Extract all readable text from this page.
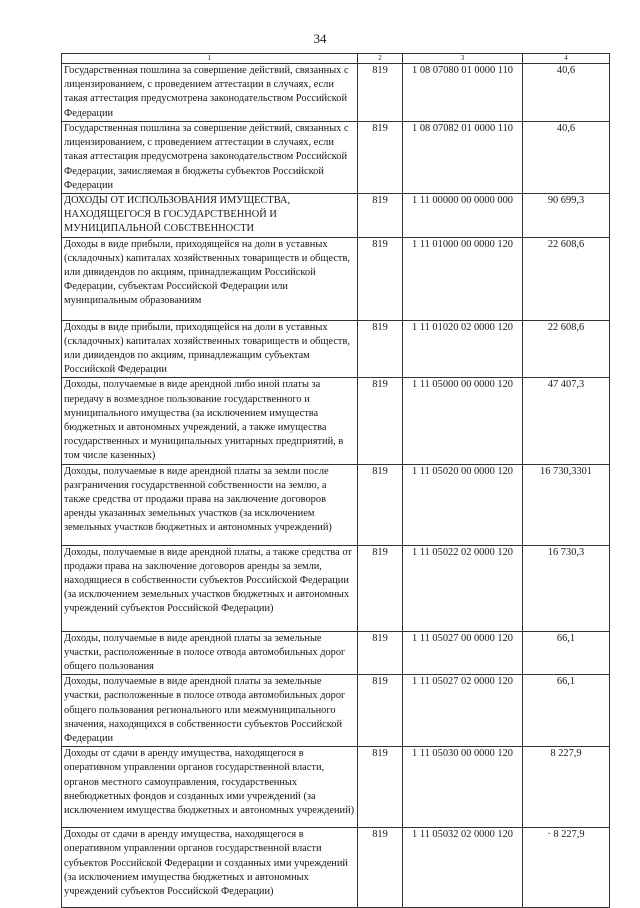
34
1	2	3	4
Государственная пошлина за совершение действий, связанных с лицензированием, с проведением аттестации в случаях, если такая аттестация предусмотрена законодательством Российской Федерации	819	1 08 07080 01 0000 110	40,6
Государственная пошлина за совершение действий, связанных с лицензированием, с проведением аттестации в случаях, если такая аттестация предусмотрена законодательством Российской Федерации, зачисляемая в бюджеты субъектов Российской Федерации	819	1 08 07082 01 0000 110	40,6
ДОХОДЫ ОТ ИСПОЛЬЗОВАНИЯ ИМУЩЕСТВА, НАХОДЯЩЕГОСЯ В ГОСУДАРСТВЕННОЙ И МУНИЦИПАЛЬНОЙ СОБСТВЕННОСТИ	819	1 11 00000 00 0000 000	90 699,3
Доходы в виде прибыли, приходящейся на доли в уставных (складочных) капиталах хозяйственных товариществ и обществ, или дивидендов по акциям, принадлежащим Российской Федерации, субъектам Российской Федерации или муниципальным образованиям	819	1 11 01000 00 0000 120	22 608,6
Доходы в виде прибыли, приходящейся на доли в уставных (складочных) капиталах хозяйственных товариществ и обществ, или дивидендов по акциям, принадлежащим субъектам Российской Федерации	819	1 11 01020 02 0000 120	22 608,6
Доходы, получаемые в виде арендной либо иной платы за передачу в возмездное пользование государственного и муниципального имущества (за исключением имущества бюджетных и автономных учреждений, а также имущества государственных и муниципальных унитарных предприятий, в том числе казенных)	819	1 11 05000 00 0000 120	47 407,3
Доходы, получаемые в виде арендной платы за земли после разграничения государственной собственности на землю, а также средства от продажи права на заключение договоров аренды указанных земельных участков (за исключением земельных участков бюджетных и автономных учреждений)	819	1 11 05020 00 0000 120	16 730,3301
Доходы, получаемые в виде арендной платы, а также средства от продажи права на заключение договоров аренды за земли, находящиеся в собственности субъектов Российской Федерации (за исключением земельных участков бюджетных и автономных учреждений субъектов Российской Федерации)	819	1 11 05022 02 0000 120	16 730,3
Доходы, получаемые в виде арендной платы за земельные участки, расположенные в полосе отвода автомобильных дорог общего пользования	819	1 11 05027 00 0000 120	66,1
Доходы, получаемые в виде арендной платы за земельные участки, расположенные в полосе отвода автомобильных дорог общего пользования регионального или межмуниципального значения, находящихся в собственности субъектов Российской Федерации	819	1 11 05027 02 0000 120	66,1
Доходы от сдачи в аренду имущества, находящегося в оперативном управлении органов государственной власти, органов местного самоуправления, государственных внебюджетных фондов и созданных ими учреждений (за исключением имущества бюджетных и автономных учреждений)	819	1 11 05030 00 0000 120	8 227,9
Доходы от сдачи в аренду имущества, находящегося в оперативном управлении органов государственной власти субъектов Российской Федерации и созданных ими учреждений (за исключением имущества бюджетных и автономных учреждений субъектов Российской Федерации)	819	1 11 05032 02 0000 120	· 8 227,9
